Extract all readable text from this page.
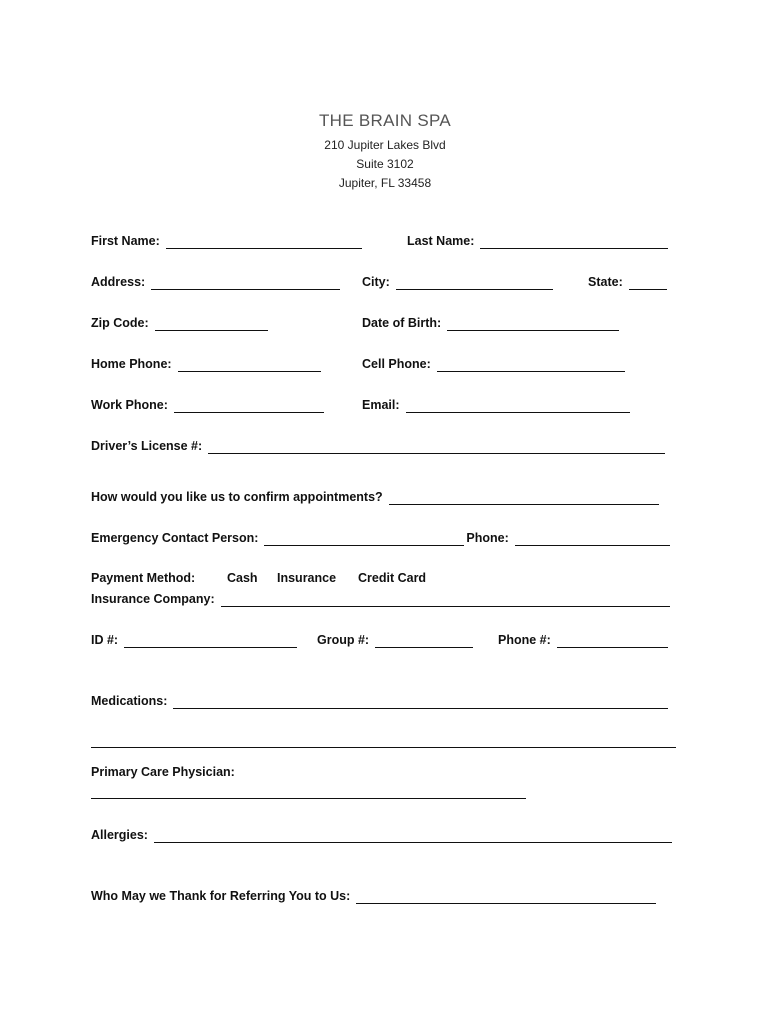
THE BRAIN SPA
210 Jupiter Lakes Blvd
Suite 3102
Jupiter, FL 33458
First Name:	Last Name:
Address:	City:	State:
Zip Code:	Date of Birth:
Home Phone:	Cell Phone:
Work Phone:	Email:
Driver’s License #:
How would you like us to confirm appointments?
Emergency Contact Person:	Phone:
Payment Method:	Cash Insurance Credit Card
Insurance Company:
ID #:	Group #:	Phone #:
Medications:
Primary Care Physician:
Allergies:
Who May we Thank for Referring You to Us:
